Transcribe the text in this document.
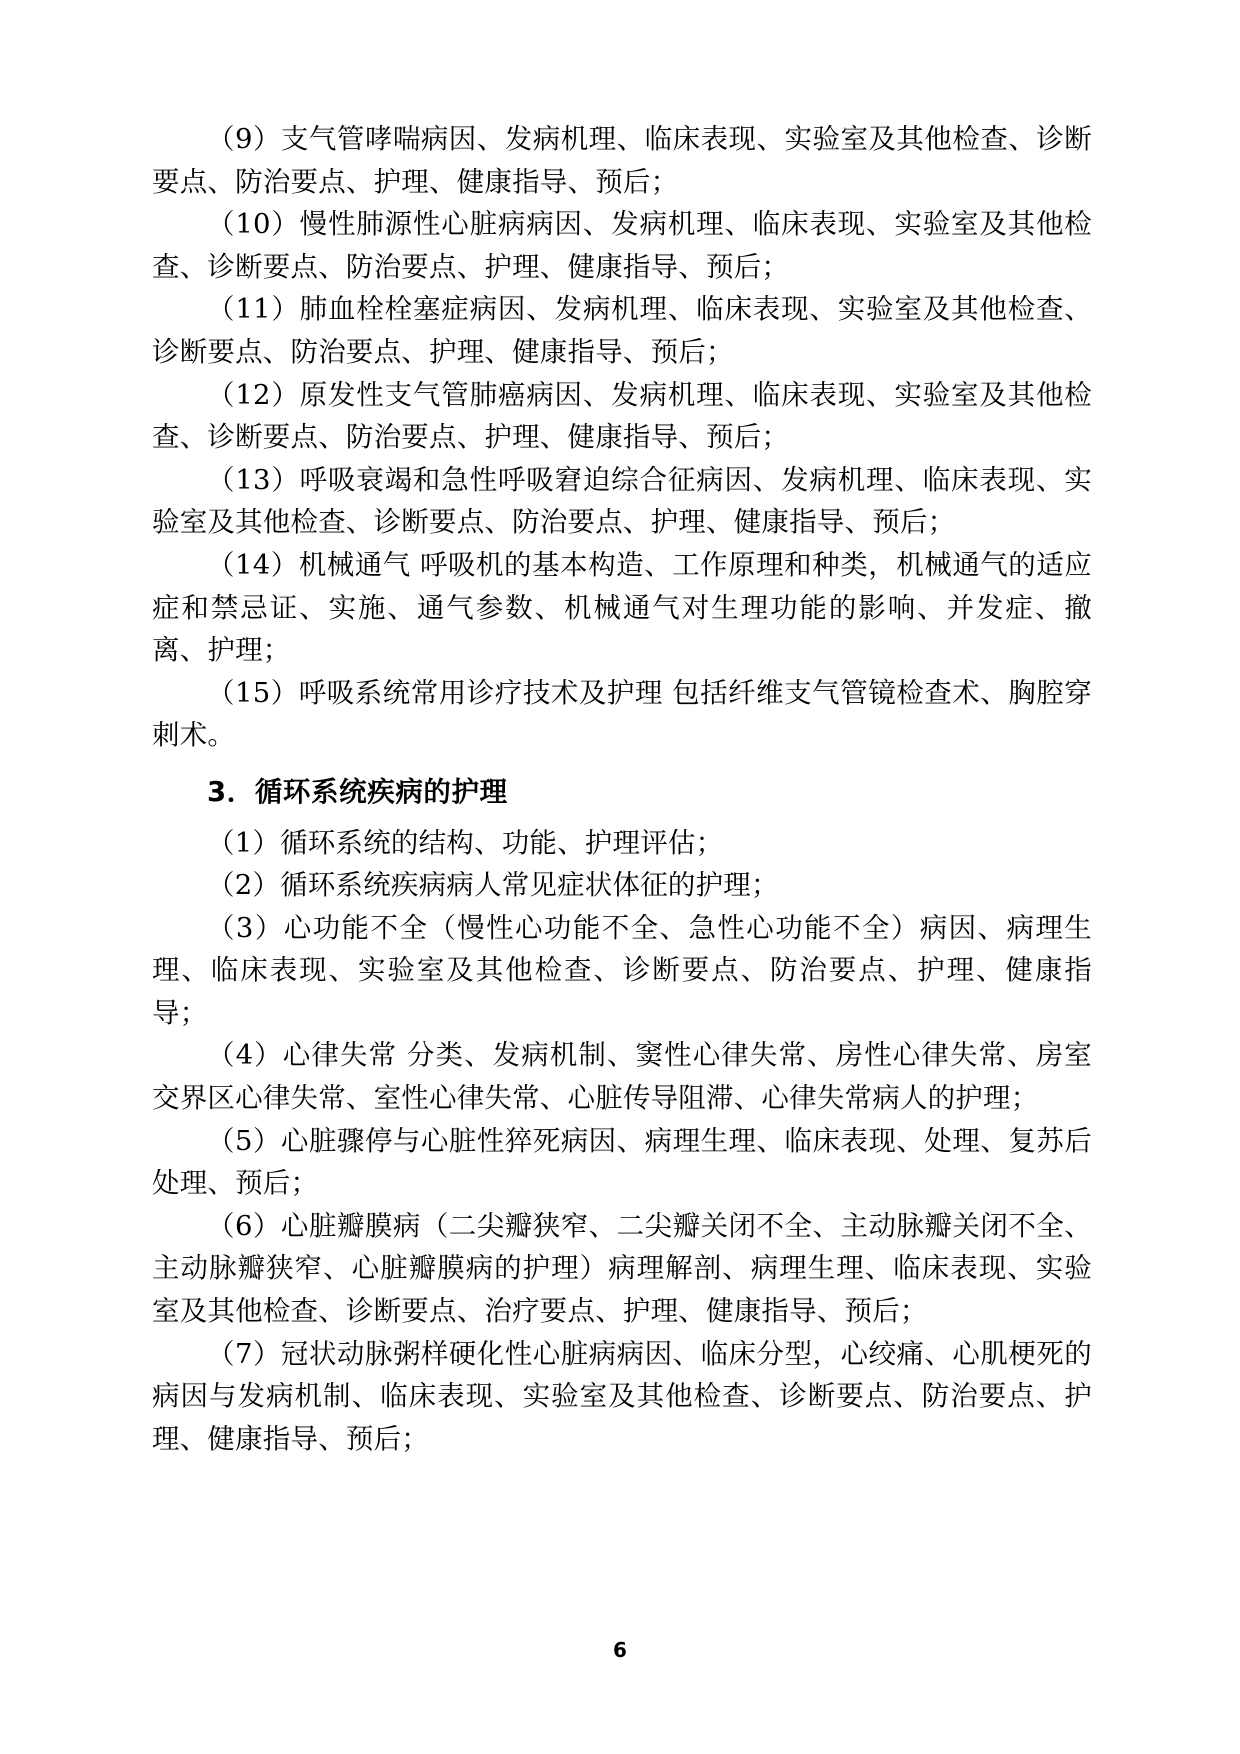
（9）支气管哮喘病因、发病机理、临床表现、实验室及其他检查、诊断要点、防治要点、护理、健康指导、预后；

（10）慢性肺源性心脏病病因、发病机理、临床表现、实验室及其他检查、诊断要点、防治要点、护理、健康指导、预后；

（11）肺血栓栓塞症病因、发病机理、临床表现、实验室及其他检查、诊断要点、防治要点、护理、健康指导、预后；

（12）原发性支气管肺癌病因、发病机理、临床表现、实验室及其他检查、诊断要点、防治要点、护理、健康指导、预后；

（13）呼吸衰竭和急性呼吸窘迫综合征病因、发病机理、临床表现、实验室及其他检查、诊断要点、防治要点、护理、健康指导、预后；

（14）机械通气 呼吸机的基本构造、工作原理和种类，机械通气的适应症和禁忌证、实施、通气参数、机械通气对生理功能的影响、并发症、撤离、护理；

（15）呼吸系统常用诊疗技术及护理 包括纤维支气管镜检查术、胸腔穿刺术。

3．循环系统疾病的护理

（1）循环系统的结构、功能、护理评估；

（2）循环系统疾病病人常见症状体征的护理；

（3）心功能不全（慢性心功能不全、急性心功能不全）病因、病理生理、临床表现、实验室及其他检查、诊断要点、防治要点、护理、健康指导；

（4）心律失常 分类、发病机制、窦性心律失常、房性心律失常、房室交界区心律失常、室性心律失常、心脏传导阻滞、心律失常病人的护理；

（5）心脏骤停与心脏性猝死病因、病理生理、临床表现、处理、复苏后处理、预后；

（6）心脏瓣膜病（二尖瓣狭窄、二尖瓣关闭不全、主动脉瓣关闭不全、主动脉瓣狭窄、心脏瓣膜病的护理）病理解剖、病理生理、临床表现、实验室及其他检查、诊断要点、治疗要点、护理、健康指导、预后；

（7）冠状动脉粥样硬化性心脏病病因、临床分型，心绞痛、心肌梗死的病因与发病机制、临床表现、实验室及其他检查、诊断要点、防治要点、护理、健康指导、预后；

6
